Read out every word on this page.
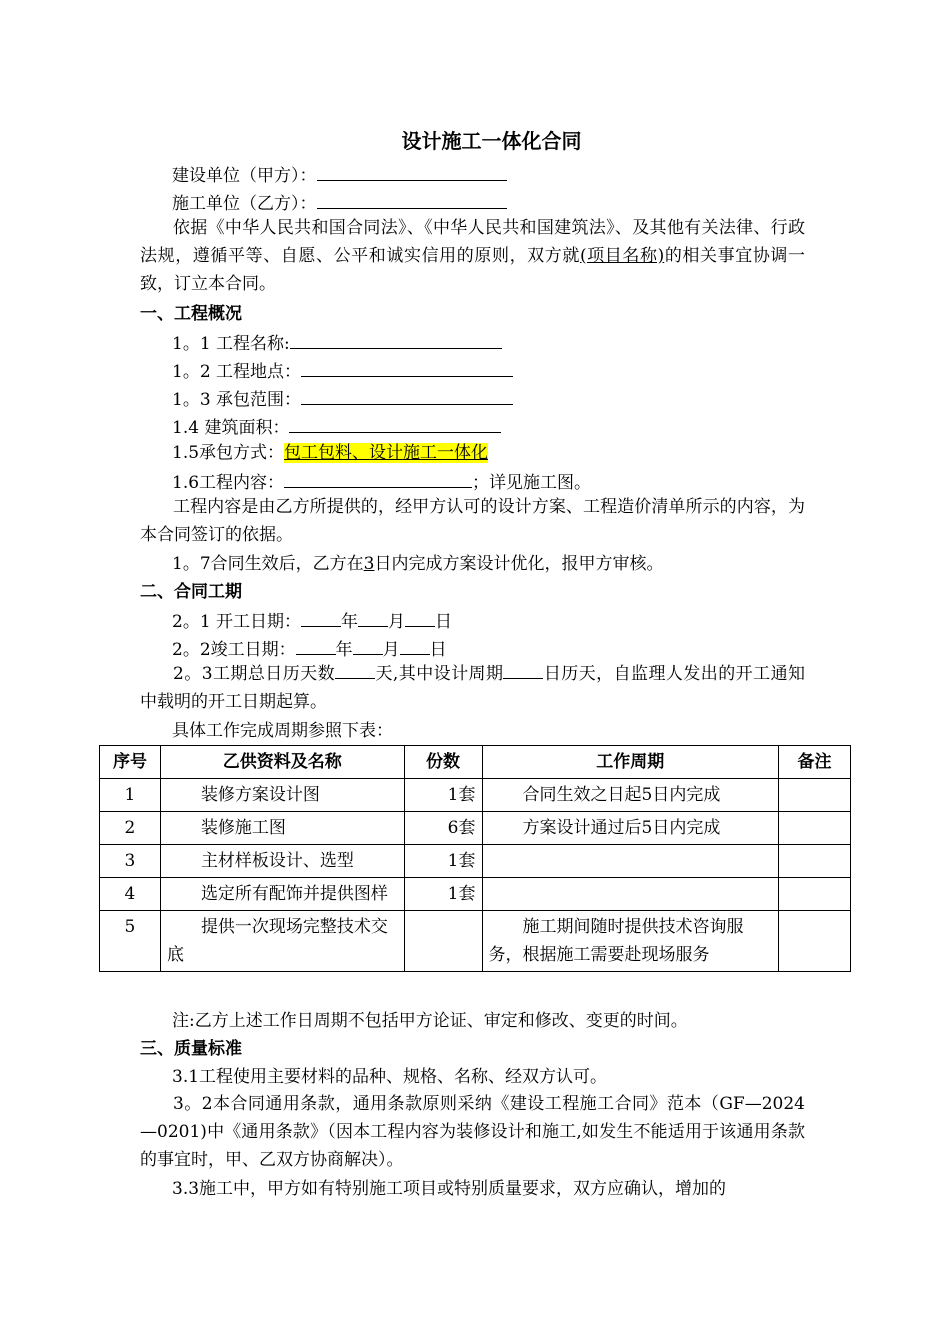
设计施工一体化合同
建设单位（甲方）：
施工单位（乙方）：
依据《中华人民共和国合同法》、《中华人民共和国建筑法》、及其他有关法律、行政法规，遵循平等、自愿、公平和诚实信用的原则，双方就(项目名称)的相关事宜协调一致，订立本合同。
一、工程概况
1。1 工程名称:
1。2 工程地点：
1。3 承包范围：
1.4 建筑面积：
1.5承包方式：包工包料、设计施工一体化
1.6工程内容：	；详见施工图。
工程内容是由乙方所提供的，经甲方认可的设计方案、工程造价清单所示的内容，为本合同签订的依据。
1。7合同生效后，乙方在3日内完成方案设计优化，报甲方审核。
二、合同工期
2。1 开工日期： 年 月 日
2。2竣工日期： 年 月 日
2。3工期总日历天数 天,其中设计周期 日历天，自监理人发出的开工通知中载明的开工日期起算。
具体工作完成周期参照下表：
序号	乙供资料及名称	份数	工作周期	备注
1	装修方案设计图	1套	合同生效之日起5日内完成	
2	装修施工图	6套	方案设计通过后5日内完成	
3	主材样板设计、选型	1套		
4	选定所有配饰并提供图样	1套		
5	提供一次现场完整技术交底		施工期间随时提供技术咨询服务，根据施工需要赴现场服务	
注:乙方上述工作日周期不包括甲方论证、审定和修改、变更的时间。
三、质量标准
3.1工程使用主要材料的品种、规格、名称、经双方认可。
3。2本合同通用条款，通用条款原则采纳《建设工程施工合同》范本（GF—2024—0201)中《通用条款》（因本工程内容为装修设计和施工,如发生不能适用于该通用条款的事宜时，甲、乙双方协商解决）。
3.3施工中，甲方如有特别施工项目或特别质量要求，双方应确认，增加的
